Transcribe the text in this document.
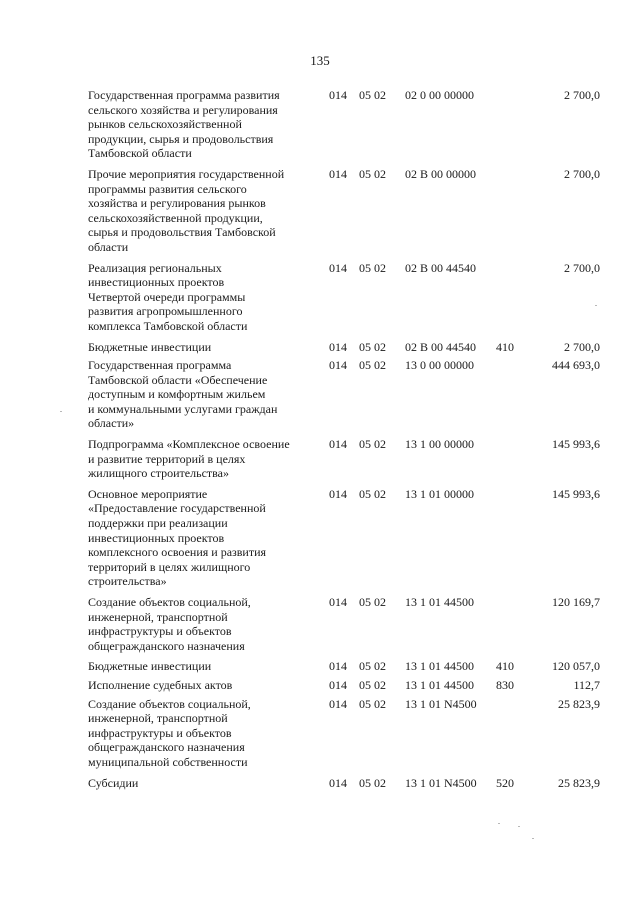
135
Государственная программа развития
сельского хозяйства и регулирования
рынков сельскохозяйственной
продукции, сырья и продовольствия
Тамбовской области
014 05 02 02 0 00 00000	2 700,0
Прочие мероприятия государственной
программы развития сельского
хозяйства и регулирования рынков
сельскохозяйственной продукции,
сырья и продовольствия Тамбовской
области
014 05 02 02 В 00 00000	2 700,0
Реализация региональных
инвестиционных проектов
Четвертой очереди программы
развития агропромышленного
комплекса Тамбовской области
014 05 02 02 В 00 44540	2 700,0
Бюджетные инвестиции	014 05 02 02 В 00 44540 410	2 700,0
Государственная программа
Тамбовской области «Обеспечение
доступным и комфортным жильем
и коммунальными услугами граждан
области»
014 05 02 13 0 00 00000	444 693,0
Подпрограмма «Комплексное освоение
и развитие территорий в целях
жилищного строительства»
014 05 02 13 1 00 00000	145 993,6
Основное мероприятие
«Предоставление государственной
поддержки при реализации
инвестиционных проектов
комплексного освоения и развития
территорий в целях жилищного
строительства»
014 05 02 13 1 01 00000	145 993,6
Создание объектов социальной,
инженерной, транспортной
инфраструктуры и объектов
общегражданского назначения
014 05 02 13 1 01 44500	120 169,7
Бюджетные инвестиции	014 05 02 13 1 01 44500 410	120 057,0
Исполнение судебных актов	014 05 02 13 1 01 44500 830	112,7
Создание объектов социальной,
инженерной, транспортной
инфраструктуры и объектов
общегражданского назначения
муниципальной собственности
014 05 02 13 1 01 N4500	25 823,9
Субсидии	014 05 02 13 1 01 N4500 520	25 823,9
